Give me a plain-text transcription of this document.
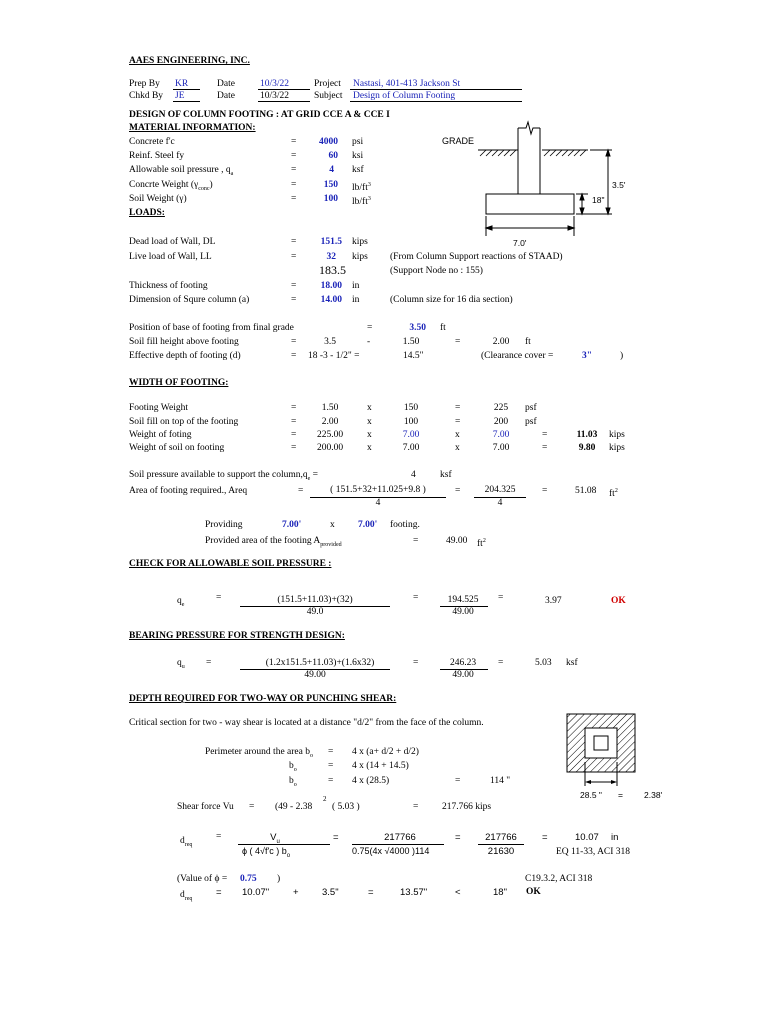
AAES ENGINEERING, INC.
Prep By KR	Date	10/3/22	Project Nastasi, 401-413 Jackson St
Chkd By JE	Date	10/3/22	Subject Design of Column Footing
DESIGN OF COLUMN FOOTING : AT GRID CCE A & CCE I
MATERIAL INFORMATION:
Concrete f'c	=	4000 psi
Reinf. Steel fy	=	60 ksi
Allowable soil pressure , $q_a$	=	4 ksf
Concrte Weight $(\gamma_{conc})$	=	150 $lb/ft^3$
Soil Weight (γ)	=	100 $lb/ft^3$
GRADE
3.5'
18"
7.0'
LOADS:
Dead load of Wall, DL	=	151.5 kips
Live load of Wall, LL	=	32 kips (From Column Support reactions of STAAD)
183.5	(Support Node no : 155)
Thickness of footing	=	18.00 in
Dimension of Squre column (a)	=	14.00 in	(Column size for 16 dia section)
Position of base of footing from final grade	=	3.50 ft
Soil fill height above footing	=	3.5	-	1.50	=	2.00	ft
Effective depth of footing (d)	= 18 -3 - 1/2" =	14.5"	(Clearance cover =	3"	)
WIDTH OF FOOTING:
Footing Weight	=	1.50	x	150	=	225	psf
Soil fill on top of the footing	=	2.00	x	100	=	200	psf
Weight of foting	=	225.00	x	7.00	x	7.00	=	11.03	kips
Weight of soil on footing	=	200.00	x	7.00	x	7.00	=	9.80	kips
Soil pressure available to support the $column,q_e$ =	4	ksf
Area of footing required., Areq	=	( 151.5+32+11.025+9.8 )
4
=	204.325
4
=	51.08 $ft^2$
Providing	7.00'	x 7.00' footing.
Provided area of the footing $A_{provided}$	=	49.00 $ft^2$
CHECK FOR ALLOWABLE SOIL PRESSURE :
$q_e$
=	(151.5+11.03)+(32)
49.0
=	194.525
49.00
=	3.97	OK
BEARING PRESSURE FOR STRENGTH DESIGN:
$q_u$ =	(1.2x151.5+11.03)+(1.6x32)
49.00
=	246.23
49.00
=	5.03 ksf
DEPTH REQUIRED FOR TWO-WAY OR PUNCHING SHEAR:
Critical section for two - way shear is located at a distance "d/2" from the face of the column.
28.5 " = 2.38'
Perimeter around the area $b_o = 4$ x (a+ d/2 + d/2)
$b_o$	= 4 x (14 + 14.5)
$b_o$	= 4 x (28.5)	=	114 "
Shear force Vu = (49 - 2.38
2
( 5.03 )	= 217.766 kips
$d_{req}$
=	$V_u$
ϕ ( 4√f'c ) $b_o$
=	217766
0.75(4x √4000 )114
=	217766
21630
=	10.07 in
EQ 11-33, ACI 318
(Value of ϕ = 0.75 )	C19.3.2, ACI 318
$d_{req}$
= 10.07"	+ 3.5"	=	13.57"	<	18" OK
